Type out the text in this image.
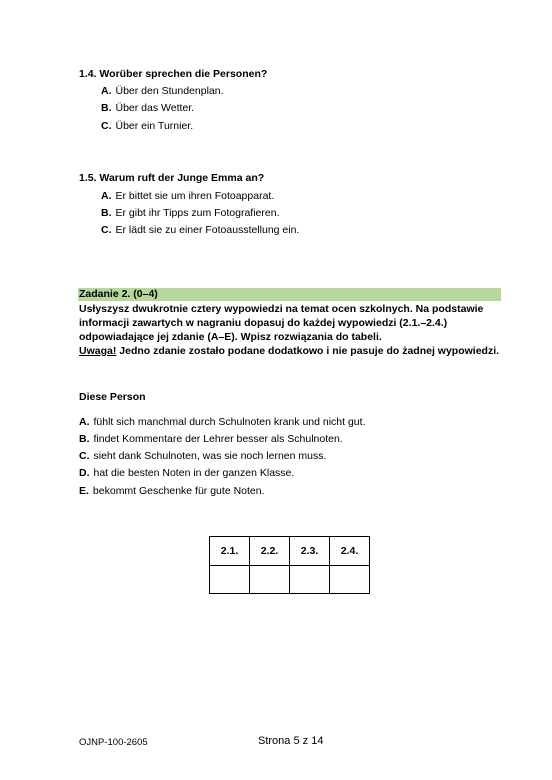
1.4. Worüber sprechen die Personen?
A. Über den Stundenplan.
B. Über das Wetter.
C. Über ein Turnier.
1.5. Warum ruft der Junge Emma an?
A. Er bittet sie um ihren Fotoapparat.
B. Er gibt ihr Tipps zum Fotografieren.
C. Er lädt sie zu einer Fotoausstellung ein.
Zadanie 2. (0–4)
Usłyszysz dwukrotnie cztery wypowiedzi na temat ocen szkolnych. Na podstawie
informacji zawartych w nagraniu dopasuj do każdej wypowiedzi (2.1.–2.4.)
odpowiadające jej zdanie (A–E). Wpisz rozwiązania do tabeli.
Uwaga! Jedno zdanie zostało podane dodatkowo i nie pasuje do żadnej wypowiedzi.
Diese Person
A. fühlt sich manchmal durch Schulnoten krank und nicht gut.
B. findet Kommentare der Lehrer besser als Schulnoten.
C. sieht dank Schulnoten, was sie noch lernen muss.
D. hat die besten Noten in der ganzen Klasse.
E. bekommt Geschenke für gute Noten.
2.1.	2.2.	2.3.	2.4.

OJNP-100-2605	Strona 5 z 14
